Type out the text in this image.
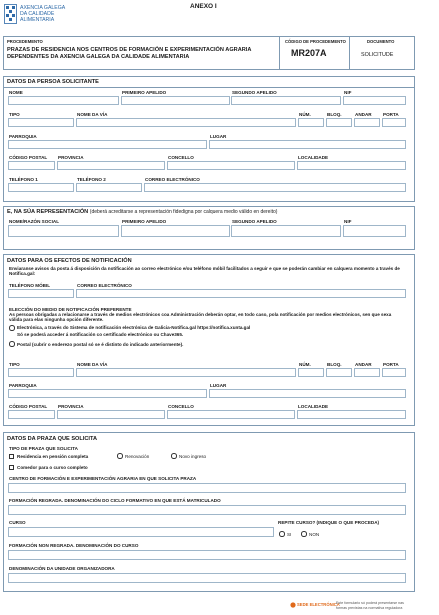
AXENCIA GALEGA
DA CALIDADE
ALIMENTARIA
ANEXO I
PROCEDEMENTO
PRAZAS DE RESIDENCIA NOS CENTROS DE FORMACIÓN E EXPERIMENTACIÓN AGRARIA DEPENDENTES DA AXENCIA GALEGA DA CALIDADE ALIMENTARIA
CÓDIGO DE PROCEDEMENTO
MR207A
DOCUMENTO
SOLICITUDE
DATOS DA PERSOA SOLICITANTE
NOME	PRIMEIRO APELIDO	SEGUNDO APELIDO	NIF
TIPO	NOME DA VÍA	NÚM.	BLOQ.	ANDAR PORTA
PARROQUIA	LUGAR
CÓDIGO POSTAL PROVINCIA	CONCELLO	LOCALIDADE
TELÉFONO 1	TELÉFONO 2	CORREO ELECTRÓNICO
E, NA SÚA REPRESENTACIÓN (deberá acreditarse a representación fidedigna por calquera medio válido en dereito)
NOME/RAZÓN SOCIAL	PRIMEIRO APELIDO	SEGUNDO APELIDO	NIF
DATOS PARA OS EFECTOS DE NOTIFICACIÓN
Enviaranse avisos da posta á disposición da notificación ao correo electrónico e/ou teléfono móbil facilitados a seguir e que se poderán cambiar en calquera momento a través de Notifica.gal:
TELÉFONO MÓBIL	CORREO ELECTRÓNICO
ELECCIÓN DO MEDIO DE NOTIFICACIÓN PREFERENTE
As persoas obrigadas a relacionarse a través de medios electrónicos coa Administración deberán optar, en todo caso, pola notificación por medios electrónicos, sen que sexa válida para elas ningunha opción diferente.
Electrónica, a través do Sistema de notificación electrónica de Galicia-Notifica.gal https://notifica.xunta.gal
Só se poderá acceder á notificación co certificado electrónico ou Chave365.
Postal (cubrir o enderezo postal só se é distinto do indicado anteriormente).
TIPO	NOME DA VÍA	NÚM.	BLOQ.	ANDAR PORTA
PARROQUIA	LUGAR
CÓDIGO POSTAL PROVINCIA	CONCELLO	LOCALIDADE
DATOS DA PRAZA QUE SOLICITA
TIPO DE PRAZA QUE SOLICITA
Residencia en pensión completa	Renovación	Novo ingreso
Comedor para o curso completo
CENTRO DE FORMACIÓN E EXPERIMENTACIÓN AGRARIA EN QUE SOLICITA PRAZA
FORMACIÓN REGRADA. DENOMINACIÓN DO CICLO FORMATIVO EN QUE ESTÁ MATRICULADO
CURSO	REPITE CURSO? (INDIQUE O QUE PROCEDA)
SI	NON
FORMACIÓN NON REGRADA. DENOMINACIÓN DO CURSO
DENOMINACIÓN DA UNIDADE ORGANIZADORA
SEDE ELECTRÓNICA
Este formulario só poderá presentarse nas
formas previstas na normativa reguladora
